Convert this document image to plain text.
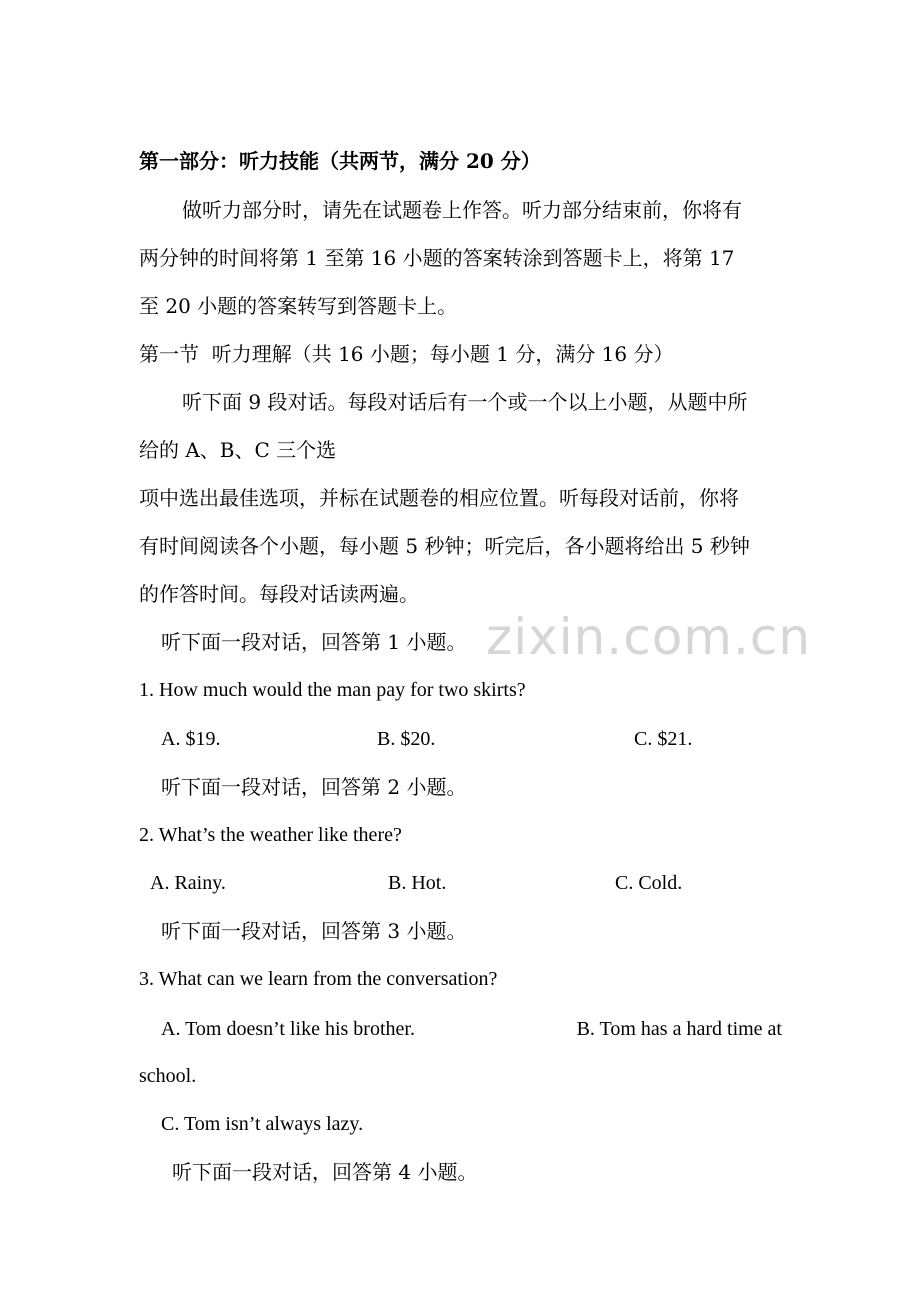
zixin.com.cn
第一部分：听力技能（共两节，满分 20 分）
做听力部分时，请先在试题卷上作答。听力部分结束前，你将有
两分钟的时间将第 1 至第 16 小题的答案转涂到答题卡上，将第 17
至 20 小题的答案转写到答题卡上。
第一节  听力理解（共 16 小题；每小题 1 分，满分 16 分）
听下面 9 段对话。每段对话后有一个或一个以上小题，从题中所
给的 A、B、C 三个选
项中选出最佳选项，并标在试题卷的相应位置。听每段对话前，你将
有时间阅读各个小题，每小题 5 秒钟；听完后，各小题将给出 5 秒钟
的作答时间。每段对话读两遍。
听下面一段对话，回答第 1 小题。
1. How much would the man pay for two skirts?
A. $19.	B. $20.	C. $21.
听下面一段对话，回答第 2 小题。
2. What’s the weather like there?
A. Rainy.	B. Hot.	C. Cold.
听下面一段对话，回答第 3 小题。
3. What can we learn from the conversation?
A. Tom doesn’t like his brother.	B. Tom has a hard time at
school.
C. Tom isn’t always lazy.
听下面一段对话，回答第 4 小题。
